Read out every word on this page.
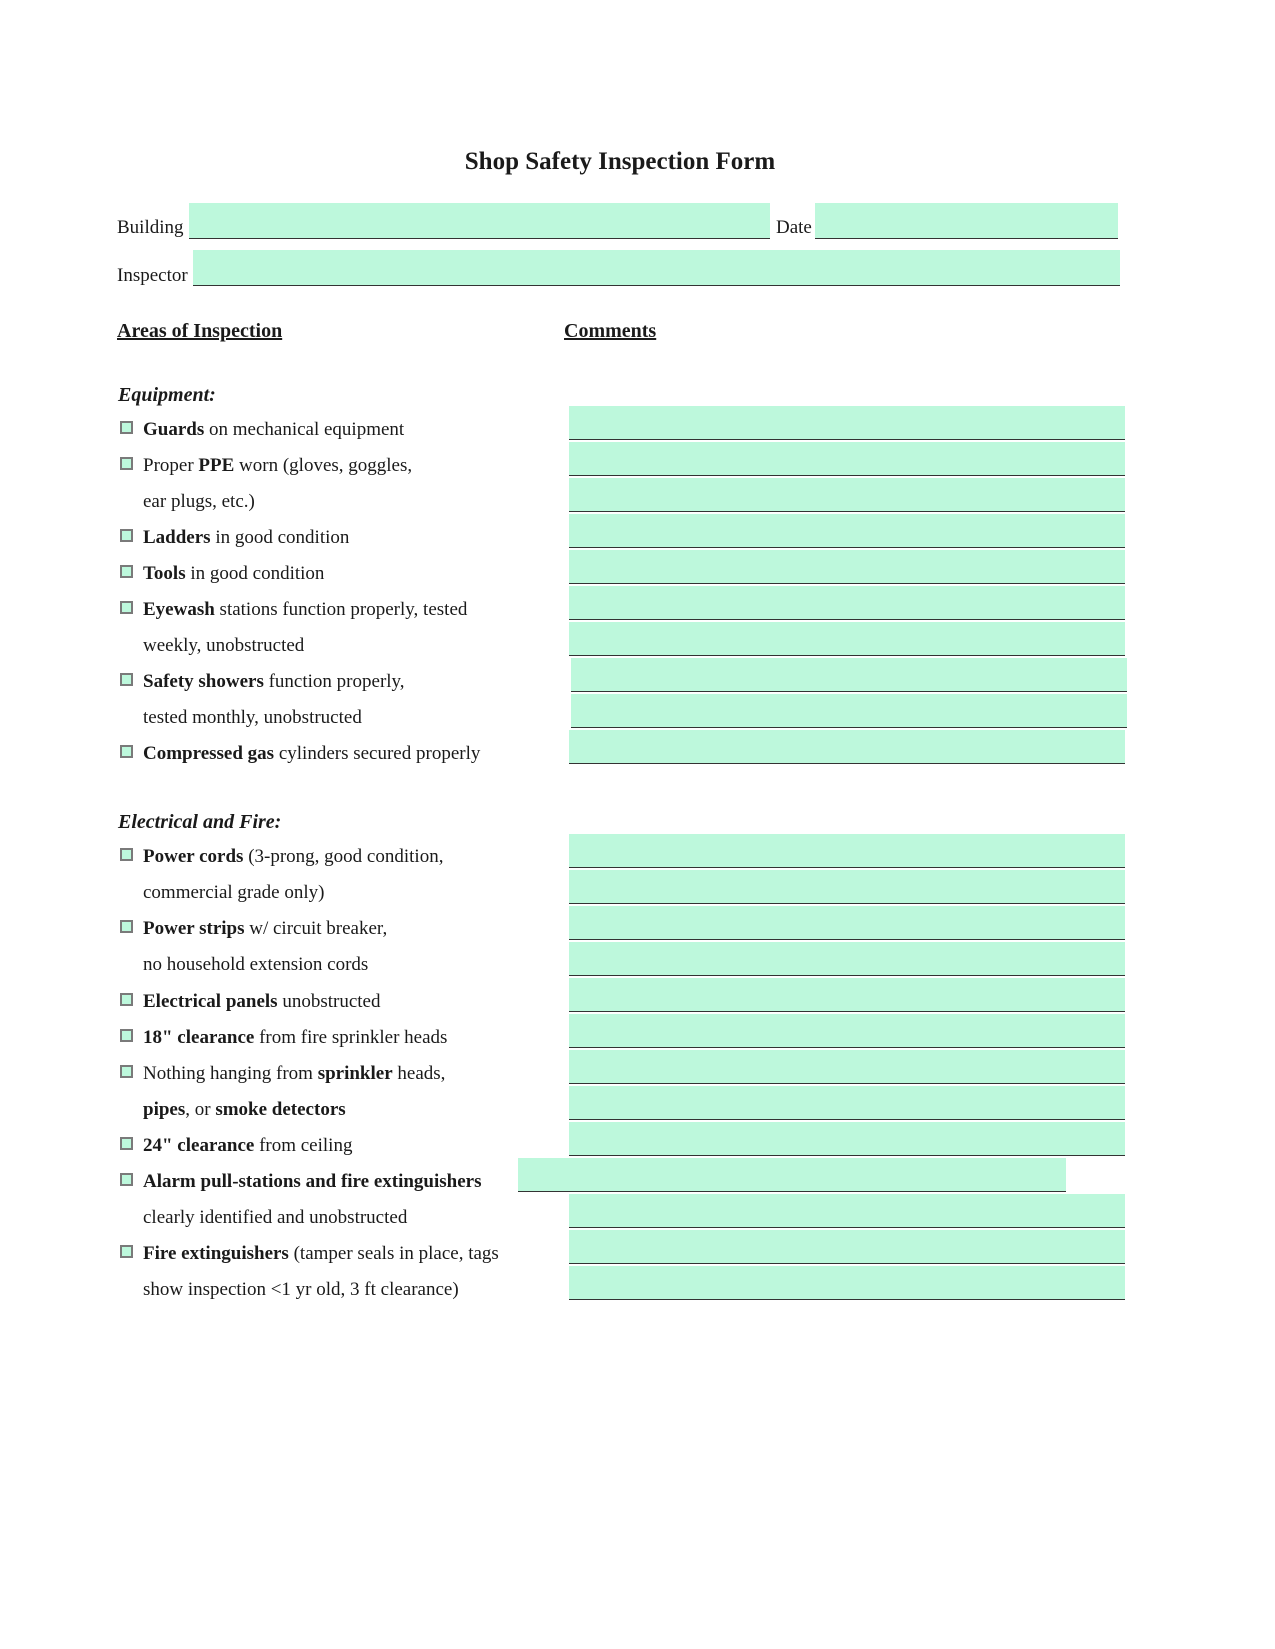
Shop Safety Inspection Form
Building	Date
Inspector
Areas of Inspection	Comments
Equipment:
Guards on mechanical equipment
Proper PPE worn (gloves, goggles,
ear plugs, etc.)
Ladders in good condition
Tools in good condition
Eyewash stations function properly, tested
weekly, unobstructed
Safety showers function properly,
tested monthly, unobstructed
Compressed gas cylinders secured properly
Electrical and Fire:
Power cords (3-prong, good condition,
commercial grade only)
Power strips w/ circuit breaker,
no household extension cords
Electrical panels unobstructed
18" clearance from fire sprinkler heads
Nothing hanging from sprinkler heads,
pipes, or smoke detectors
24" clearance from ceiling
Alarm pull-stations and fire extinguishers
clearly identified and unobstructed
Fire extinguishers (tamper seals in place, tags
show inspection <1 yr old, 3 ft clearance)
